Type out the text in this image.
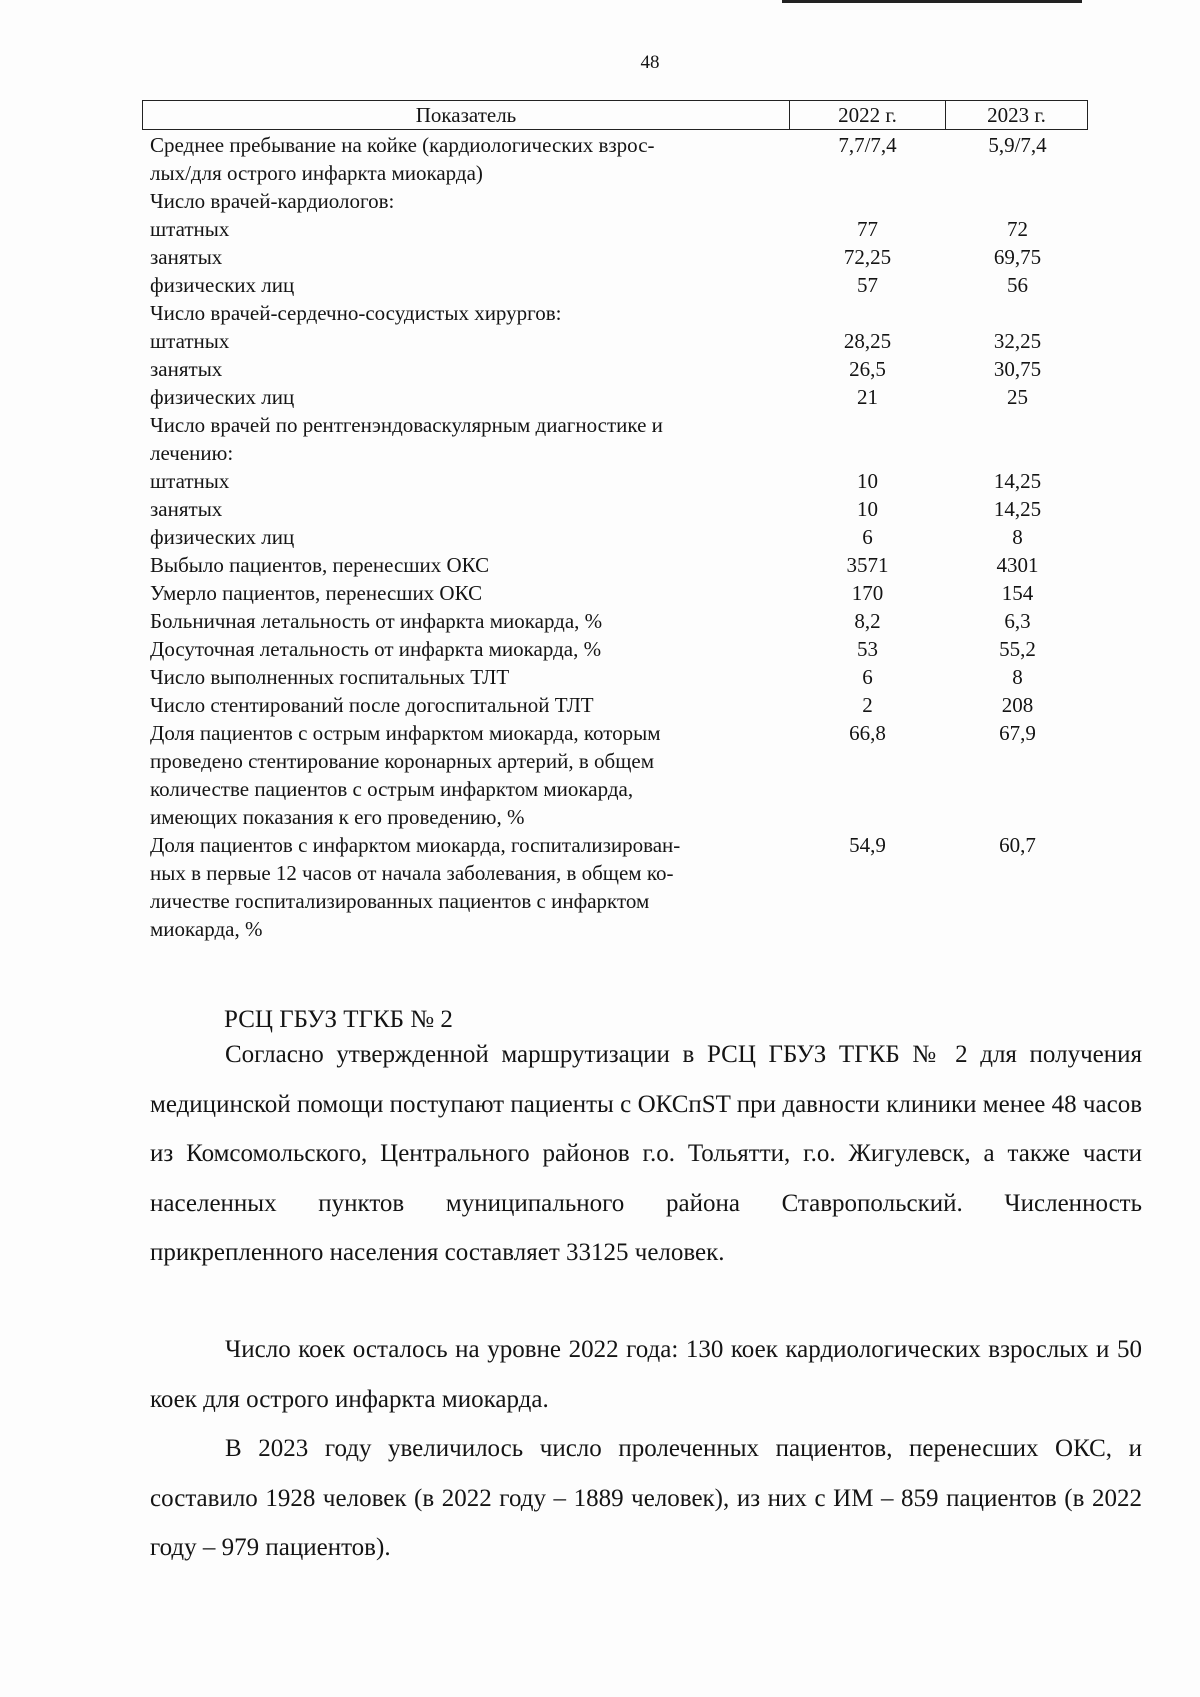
48
Показатель	2022 г.	2023 г.
Среднее пребывание на койке (кардиологических взрос-	7,7/7,4	5,9/7,4
лых/для острого инфаркта миокарда)
Число врачей-кардиологов:
штатных	77	72
занятых	72,25	69,75
физических лиц	57	56
Число врачей-сердечно-сосудистых хирургов:
штатных	28,25	32,25
занятых	26,5	30,75
физических лиц	21	25
Число врачей по рентгенэндоваскулярным диагностике и
лечению:
штатных	10	14,25
занятых	10	14,25
физических лиц	6	8
Выбыло пациентов, перенесших ОКС	3571	4301
Умерло пациентов, перенесших ОКС	170	154
Больничная летальность от инфаркта миокарда, %	8,2	6,3
Досуточная летальность от инфаркта миокарда, %	53	55,2
Число выполненных госпитальных ТЛТ	6	8
Число стентирований после догоспитальной ТЛТ	2	208
Доля пациентов с острым инфарктом миокарда, которым	66,8	67,9
проведено стентирование коронарных артерий, в общем
количестве пациентов с острым инфарктом миокарда,
имеющих показания к его проведению, %
Доля пациентов с инфарктом миокарда, госпитализирован-	54,9	60,7
ных в первые 12 часов от начала заболевания, в общем ко-
личестве госпитализированных пациентов с инфарктом
миокарда, %
РСЦ ГБУЗ ТГКБ № 2

Согласно утвержденной маршрутизации в РСЦ ГБУЗ ТГКБ № 2 для получения медицинской помощи поступают пациенты с ОКСпST при давности клиники менее 48 часов из Комсомольского, Центрального районов г.о. Тольятти, г.о. Жигулевск, а также части населенных пунктов муниципального района Ставропольский. Численность прикрепленного населения составляет 33125 человек.

Число коек осталось на уровне 2022 года: 130 коек кардиологических взрослых и 50 коек для острого инфаркта миокарда.

В 2023 году увеличилось число пролеченных пациентов, перенесших ОКС, и составило 1928 человек (в 2022 году – 1889 человек), из них с ИМ – 859 пациентов (в 2022 году – 979 пациентов).
